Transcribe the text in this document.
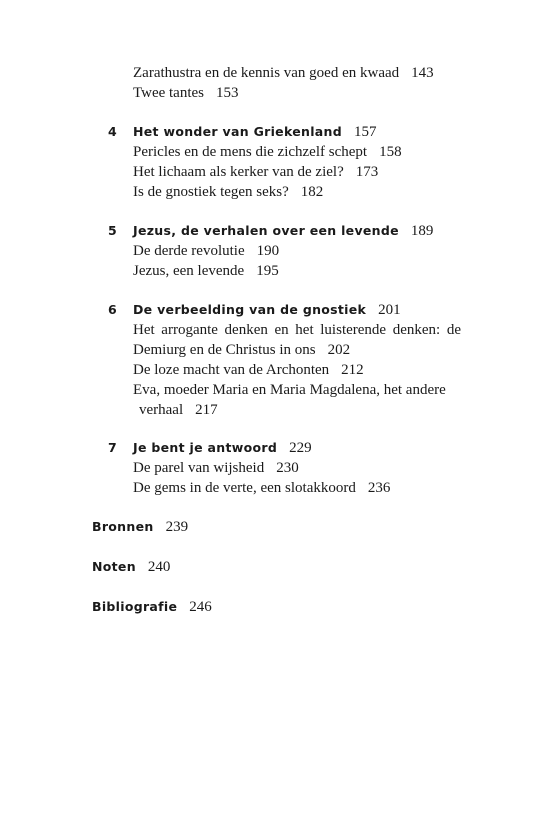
Zarathustra en de kennis van goed en kwaad 143
Twee tantes 153
4 Het wonder van Griekenland 157
Pericles en de mens die zichzelf schept 158
Het lichaam als kerker van de ziel? 173
Is de gnostiek tegen seks? 182
5 Jezus, de verhalen over een levende 189
De derde revolutie 190
Jezus, een levende 195
6 De verbeelding van de gnostiek 201
Het arrogante denken en het luisterende denken: de
Demiurg en de Christus in ons 202
De loze macht van de Archonten 212
Eva, moeder Maria en Maria Magdalena, het andere
verhaal 217
7 Je bent je antwoord 229
De parel van wijsheid 230
De gems in de verte, een slotakkoord 236
Bronnen 239
Noten 240
Bibliografie 246
